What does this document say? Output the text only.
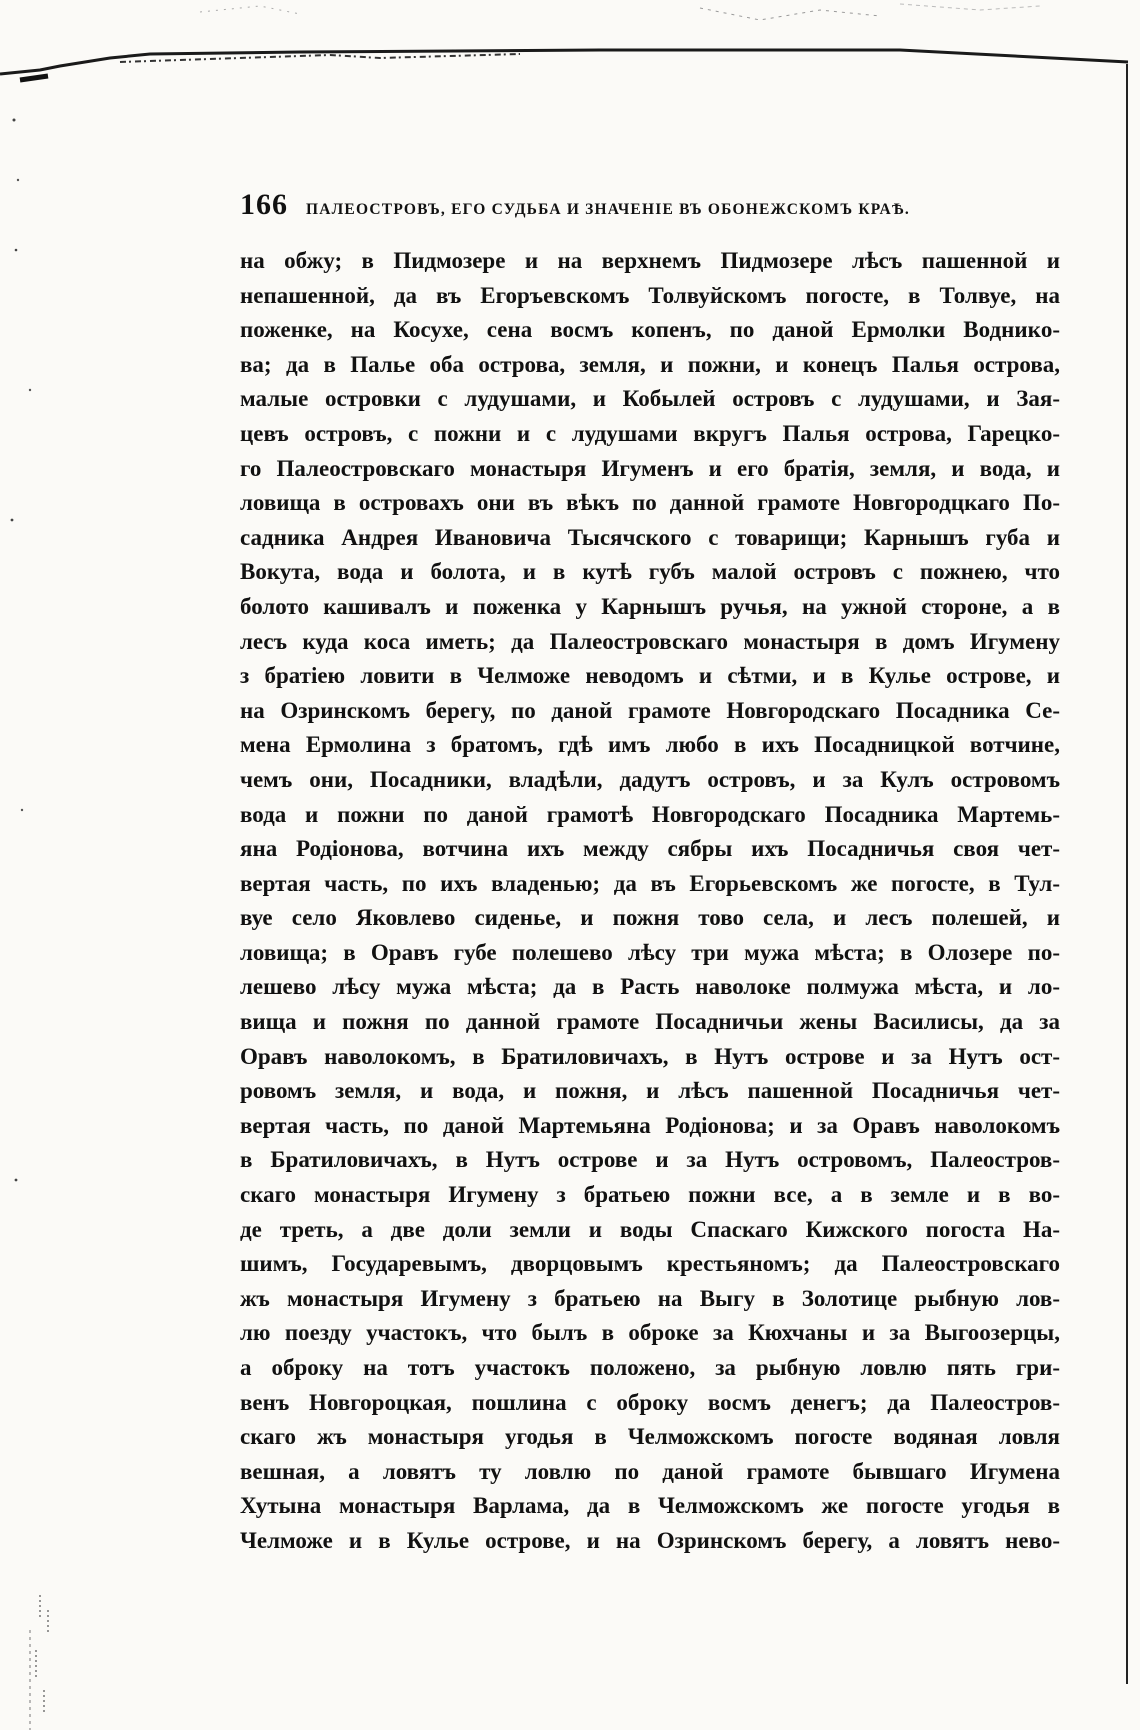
166 ПАЛЕОСТРОВЪ, ЕГО СУДЬБА И ЗНАЧЕНІЕ ВЪ ОБОНЕЖСКОМЪ КРАѢ.
на обжу; в Пидмозере и на верхнемъ Пидмозере лѣсъ пашенной и
непашенной, да въ Егоръевскомъ Толвуйскомъ погосте, в Толвуе, на
поженке, на Косухе, сена восмъ копенъ, по даной Ермолки Водникo-
ва; да в Палье оба острова, земля, и пожни, и конецъ Палья острова,
малые островки с лудушами, и Кобылей островъ с лудушами, и Зая-
цевъ островъ, с пожни и с лудушами вкругъ Палья острова, Гарецко-
го Палеостровскаго монастыря Игуменъ и его братія, земля, и вода, и
ловища в островахъ они въ вѣкъ по данной грамоте Новгородцкаго По-
садника Андрея Ивановича Тысячского с товарищи; Карнышъ губа и
Вокута, вода и болота, и в кутѣ губъ малой островъ с пожнею, что
болото кашивалъ и поженка у Карнышъ ручья, на ужной стороне, а в
лесъ куда коса иметь; да Палеостровскаго монастыря в домъ Игумену
з братіею ловити в Челможе неводомъ и сѣтми, и в Кулье острове, и
на Озринскомъ берегу, по даной грамоте Новгородскаго Посадника Се-
мена Ермолина з братомъ, гдѣ имъ любо в ихъ Посадницкой вотчине,
чемъ они, Посадники, владѣли, дадутъ островъ, и за Кулъ островомъ
вода и пожни по даной грамотѣ Новгородскаго Посадника Мартемь-
яна Родіонова, вотчина ихъ между сябры ихъ Посадничья своя чет-
вертая часть, по ихъ владенью; да въ Егорьевскомъ же погосте, в Тул-
вуе село Яковлево сиденье, и пожня тово села, и лесъ полешей, и
ловища; в Оравъ губе полешево лѣсу три мужа мѣста; в Олозере по-
лешево лѣсу мужа мѣста; да в Расть наволоке полмужа мѣста, и ло-
вища и пожня по данной грамоте Посадничьи жены Василисы, да за
Оравъ наволокомъ, в Братиловичахъ, в Нутъ острове и за Нутъ ост-
ровомъ земля, и вода, и пожня, и лѣсъ пашенной Посадничья чет-
вертая часть, по даной Мартемьяна Родіонова; и за Оравъ наволокомъ
в Братиловичахъ, в Нутъ острове и за Нутъ островомъ, Палеостров-
скаго монастыря Игумену з братьею пожни все, а в земле и в во-
де треть, а две доли земли и воды Спаскаго Кижского погоста На-
шимъ, Государевымъ, дворцовымъ крестьяномъ; да Палеостровскаго
жъ монастыря Игумену з братьею на Выгу в Золотице рыбную лов-
лю поезду участокъ, что былъ в оброке за Кюхчаны и за Выгоозерцы,
а оброку на тотъ участокъ положено, за рыбную ловлю пять гри-
венъ Новгороцкая, пошлина с оброку восмъ денегъ; да Палеостров-
скаго жъ монастыря угодья в Челможскомъ погосте водяная ловля
вешная, а ловятъ ту ловлю по даной грамоте бывшаго Игумена
Хутына монастыря Варлама, да в Челможскомъ же погосте угодья в
Челможе и в Кулье острове, и на Озринскомъ берегу, а ловятъ нево-
